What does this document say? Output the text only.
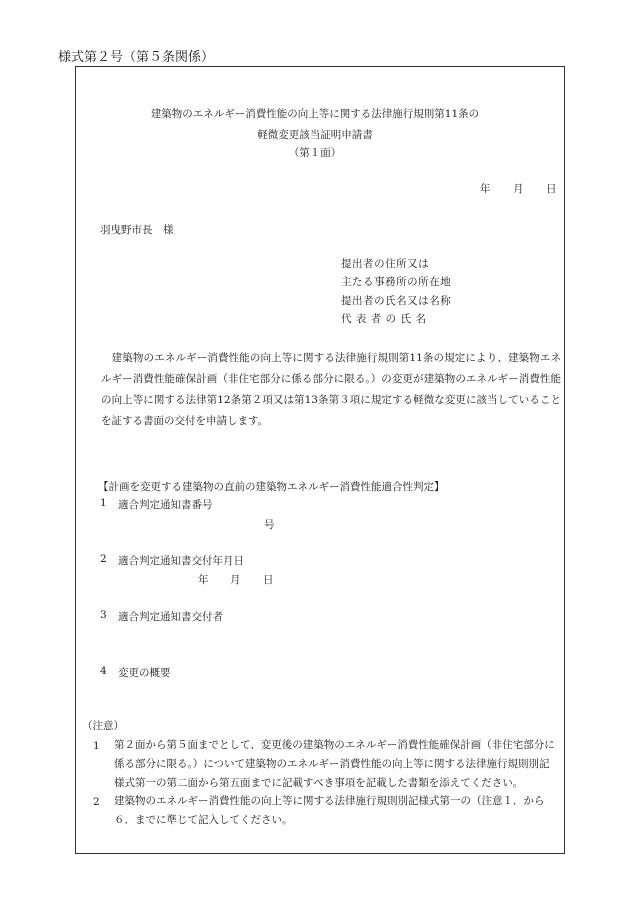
様式第２号（第５条関係）
建築物のエネルギー消費性能の向上等に関する法律施行規則第11条の
軽微変更該当証明申請書
（第１面）
年 月 日
羽曳野市長　様
提出者の住所又は
主たる事務所の所在地
提出者の氏名又は名称
代 表 者 の 氏 名
　建築物のエネルギー消費性能の向上等に関する法律施行規則第11条の規定により、建築物エネルギー消費性能確保計画（非住宅部分に係る部分に限る。）の変更が建築物のエネルギー消費性能の向上等に関する法律第12条第２項又は第13条第３項に規定する軽微な変更に該当していることを証する書面の交付を申請します。
【計画を変更する建築物の直前の建築物エネルギー消費性能適合性判定】
1 適合判定通知書番号
号
2 適合判定通知書交付年月日
年 月 日
3 適合判定通知書交付者
4 変更の概要
（注意）
1 第２面から第５面までとして、変更後の建築物のエネルギー消費性能確保計画（非住宅部分に係る部分に限る。）について建築物のエネルギー消費性能の向上等に関する法律施行規則別記様式第一の第二面から第五面までに記載すべき事項を記載した書類を添えてください。
2 建築物のエネルギー消費性能の向上等に関する法律施行規則別記様式第一の（注意１．から６．までに準じて記入してください。
